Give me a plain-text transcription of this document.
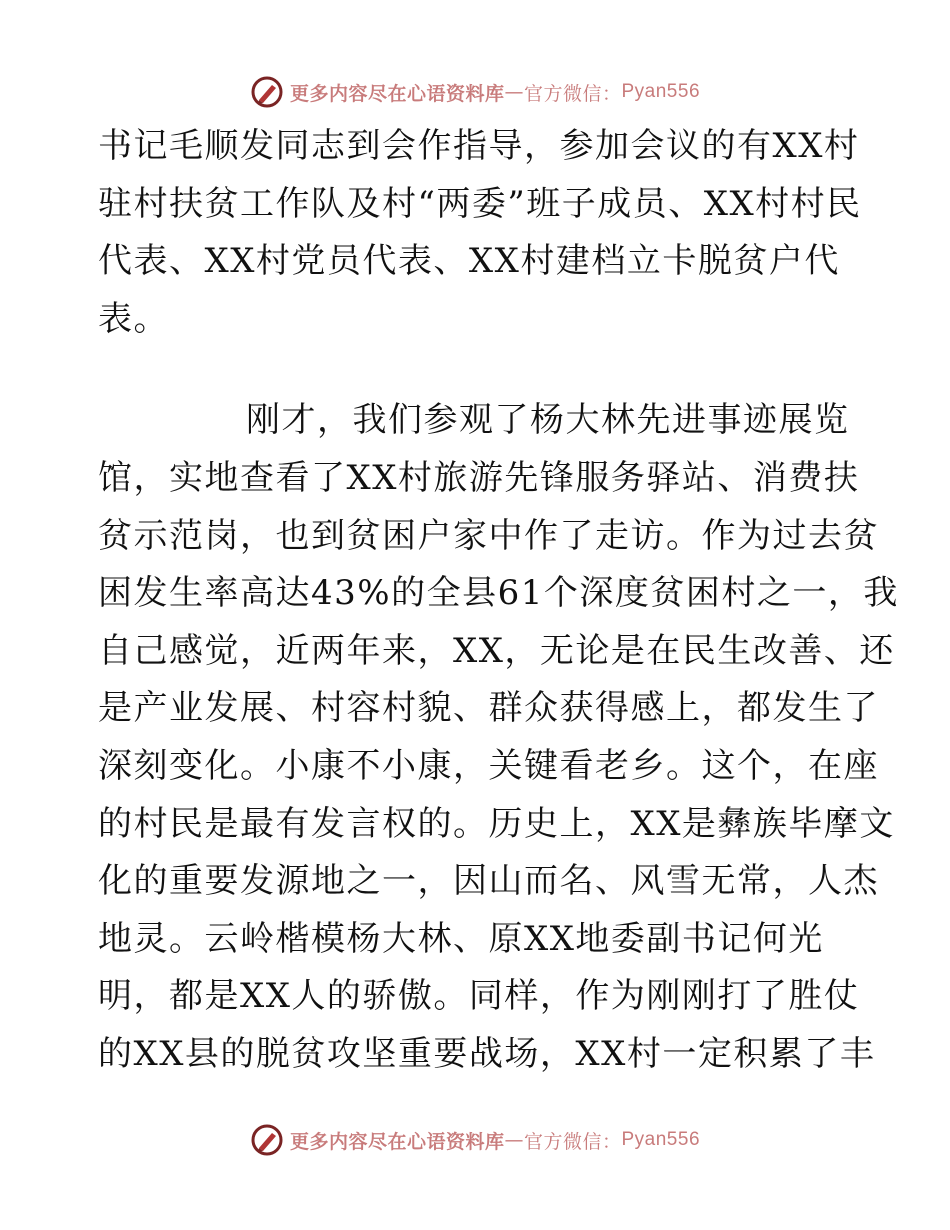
更多内容尽在心语资料库 — 官方微信： Pyan556
书记毛顺发同志到会作指导，参加会议的有XX村
驻村扶贫工作队及村“两委”班子成员、XX村村民
代表、XX村党员代表、XX村建档立卡脱贫户代
表。
刚才，我们参观了杨大林先进事迹展览
馆，实地查看了XX村旅游先锋服务驿站、消费扶
贫示范岗，也到贫困户家中作了走访。作为过去贫
困发生率高达43%的全县61个深度贫困村之一，我
自己感觉，近两年来，XX，无论是在民生改善、还
是产业发展、村容村貌、群众获得感上，都发生了
深刻变化。小康不小康，关键看老乡。这个，在座
的村民是最有发言权的。历史上，XX是彝族毕摩文
化的重要发源地之一，因山而名、风雪无常，人杰
地灵。云岭楷模杨大林、原XX地委副书记何光
明，都是XX人的骄傲。同样，作为刚刚打了胜仗
的XX县的脱贫攻坚重要战场，XX村一定积累了丰
更多内容尽在心语资料库 — 官方微信： Pyan556
